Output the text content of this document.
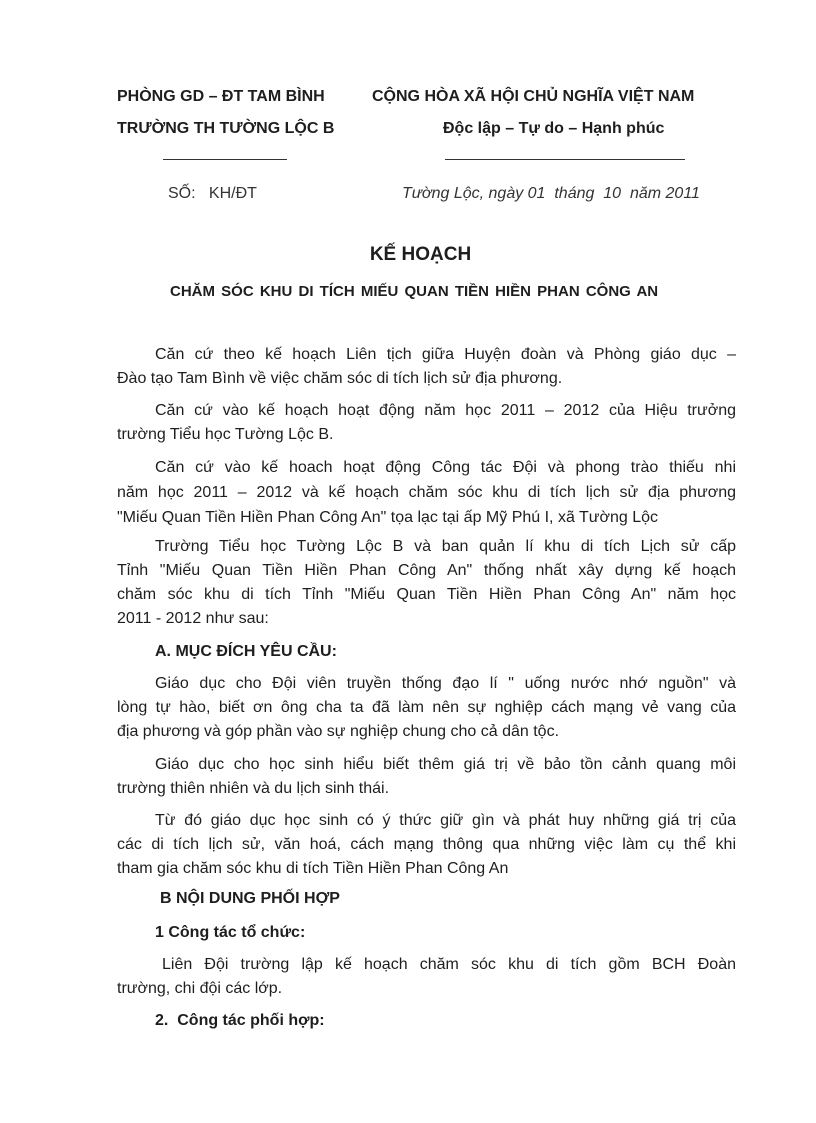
PHÒNG GD – ĐT TAM BÌNH
TRƯỜNG TH TƯỜNG LỘC B
CỘNG HÒA XÃ HỘI CHỦ NGHĨA VIỆT NAM
Độc lập – Tự do – Hạnh phúc
SỐ:   KH/ĐT	Tường Lộc, ngày 01  tháng  10  năm 2011
KẾ HOẠCH
CHĂM SÓC KHU DI TÍCH MIẾU QUAN TIỀN HIỀN PHAN CÔNG AN
Căn cứ theo kế hoạch Liên tịch giữa Huyện đoàn và Phòng giáo dục –
Đào tạo Tam Bình về việc chăm sóc di tích lịch sử địa phương.
Căn cứ vào kế hoạch hoạt động năm học 2011 – 2012 của Hiệu trưởng
trường Tiểu học Tường Lộc B.
Căn cứ vào kế hoach hoạt động Công tác Đội và phong trào thiếu nhi
năm học 2011 – 2012 và kế hoạch chăm sóc khu di tích lịch sử địa phương
"Miếu Quan Tiền Hiền Phan Công An" tọa lạc tại ấp Mỹ Phú I, xã Tường Lộc
Trường Tiểu học Tường Lộc B và ban quản lí khu di tích Lịch sử cấp
Tỉnh "Miếu Quan Tiền Hiền Phan Công An" thống nhất xây dựng kế hoạch
chăm sóc khu di tích Tỉnh "Miếu Quan Tiền Hiền Phan Công An" năm học
2011 - 2012 như sau:
A. MỤC ĐÍCH YÊU CẦU:
Giáo dục cho Đội viên truyền thống đạo lí " uống nước nhớ nguồn" và
lòng tự hào, biết ơn ông cha ta đã làm nên sự nghiệp cách mạng vẻ vang của
địa phương và góp phần vào sự nghiệp chung cho cả dân tộc.
Giáo dục cho học sinh hiểu biết thêm giá trị về bảo tồn cảnh quang môi
trường thiên nhiên và du lịch sinh thái.
Từ đó giáo dục học sinh có ý thức giữ gìn và phát huy những giá trị của
các di tích lịch sử, văn hoá, cách mạng thông qua những việc làm cụ thể khi
tham gia chăm sóc khu di tích Tiền Hiền Phan Công An
B NỘI DUNG PHỐI HỢP
1 Công tác tổ chức:
Liên Đội trường lập kế hoạch chăm sóc khu di tích gồm BCH Đoàn
trường, chi đội các lớp.
2.  Công tác phối hợp:
